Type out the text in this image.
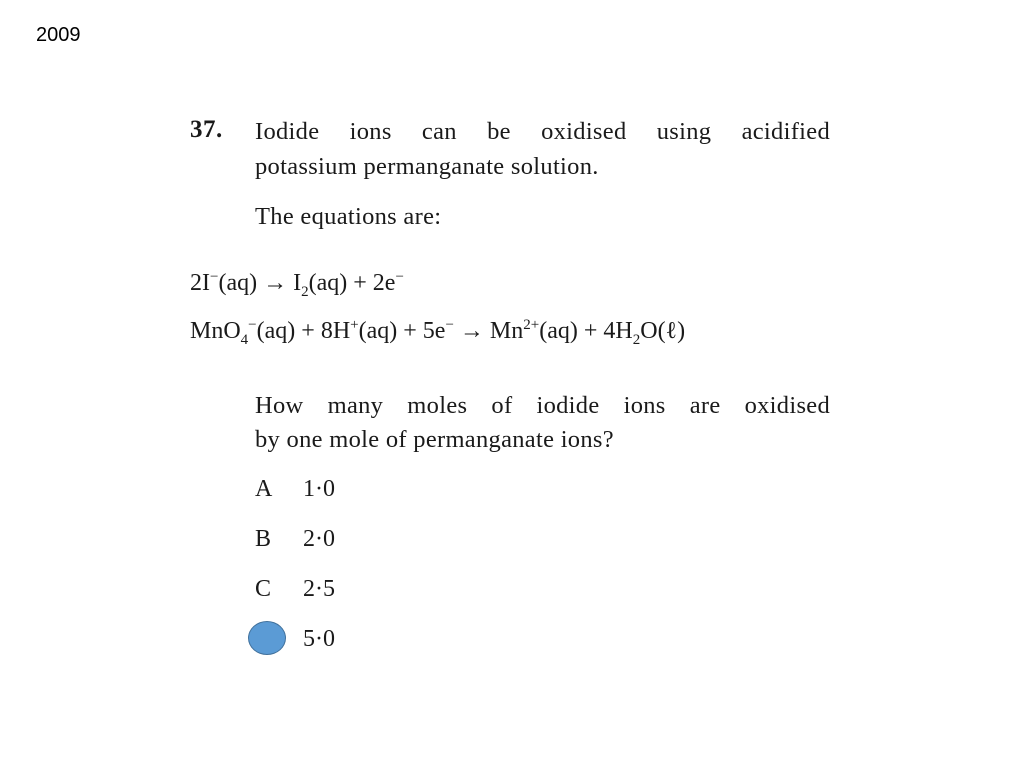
2009
37. Iodide ions can be oxidised using acidified
potassium permanganate solution.
The equations are:
$2I^-(aq) \to I_2(aq) + 2e^-$
$MnO_4^-(aq) + 8H^+(aq) + 5e^- \to Mn^{2+}(aq)$ + $4H_2O(\ell)$
How many moles of iodide ions are oxidised
by one mole of permanganate ions?
A 1·0
B 2·0
C 2·5
5·0
